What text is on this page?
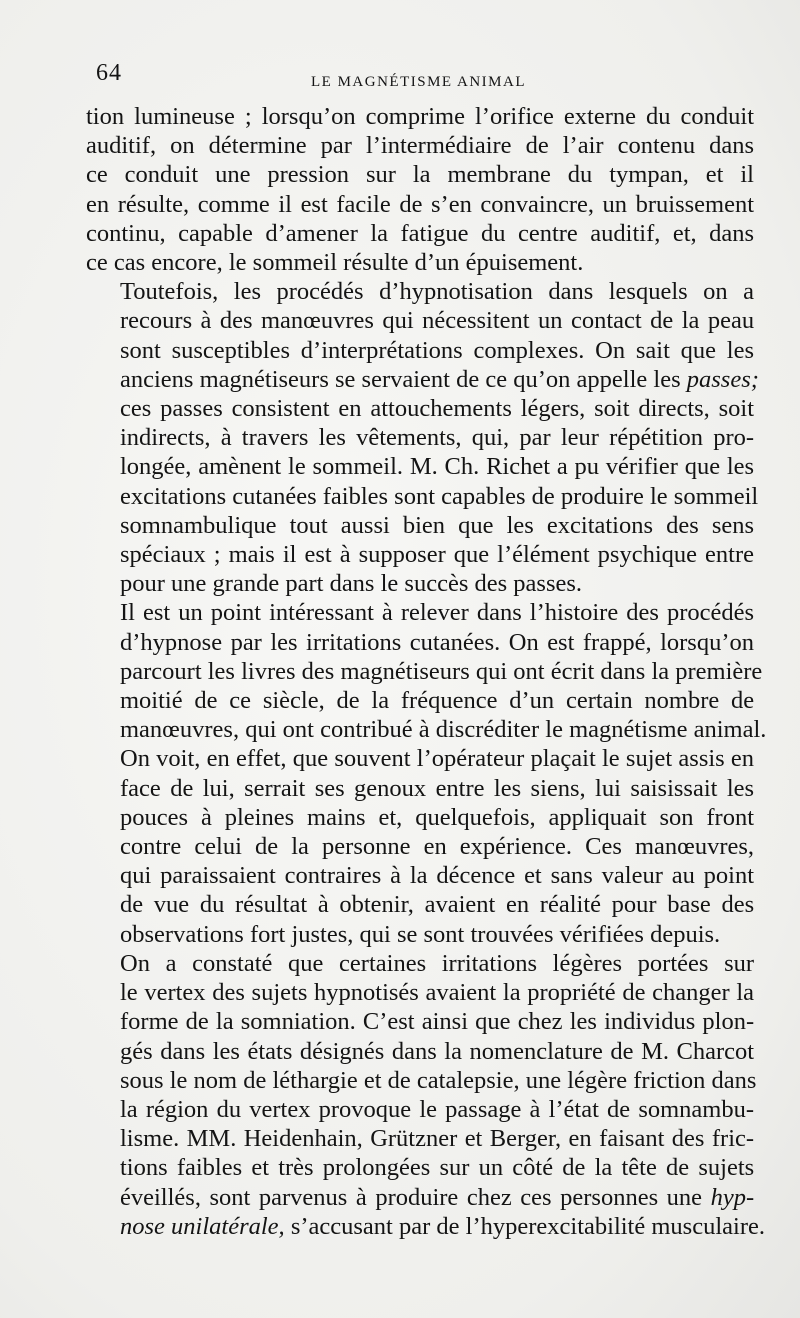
64	LE MAGNÉTISME ANIMAL

tion lumineuse ; lorsqu’on comprime l’orifice externe du conduit
auditif, on détermine par l’intermédiaire de l’air contenu dans
ce conduit une pression sur la membrane du tympan, et il
en résulte, comme il est facile de s’en convaincre, un bruissement
continu, capable d’amener la fatigue du centre auditif, et, dans
ce cas encore, le sommeil résulte d’un épuisement.

Toutefois, les procédés d’hypnotisation dans lesquels on a
recours à des manœuvres qui nécessitent un contact de la peau
sont susceptibles d’interprétations complexes. On sait que les
anciens magnétiseurs se servaient de ce qu’on appelle les passes;
ces passes consistent en attouchements légers, soit directs, soit
indirects, à travers les vêtements, qui, par leur répétition pro-
longée, amènent le sommeil. M. Ch. Richet a pu vérifier que les
excitations cutanées faibles sont capables de produire le sommeil
somnambulique tout aussi bien que les excitations des sens
spéciaux ; mais il est à supposer que l’élément psychique entre
pour une grande part dans le succès des passes.

Il est un point intéressant à relever dans l’histoire des procédés
d’hypnose par les irritations cutanées. On est frappé, lorsqu’on
parcourt les livres des magnétiseurs qui ont écrit dans la première
moitié de ce siècle, de la fréquence d’un certain nombre de
manœuvres, qui ont contribué à discréditer le magnétisme animal.
On voit, en effet, que souvent l’opérateur plaçait le sujet assis en
face de lui, serrait ses genoux entre les siens, lui saisissait les
pouces à pleines mains et, quelquefois, appliquait son front
contre celui de la personne en expérience. Ces manœuvres,
qui paraissaient contraires à la décence et sans valeur au point
de vue du résultat à obtenir, avaient en réalité pour base des
observations fort justes, qui se sont trouvées vérifiées depuis.

On a constaté que certaines irritations légères portées sur
le vertex des sujets hypnotisés avaient la propriété de changer la
forme de la somniation. C’est ainsi que chez les individus plon-
gés dans les états désignés dans la nomenclature de M. Charcot
sous le nom de léthargie et de catalepsie, une légère friction dans
la région du vertex provoque le passage à l’état de somnambu-
lisme. MM. Heidenhain, Grützner et Berger, en faisant des fric-
tions faibles et très prolongées sur un côté de la tête de sujets
éveillés, sont parvenus à produire chez ces personnes une hyp-
nose unilatérale, s’accusant par de l’hyperexcitabilité musculaire.
